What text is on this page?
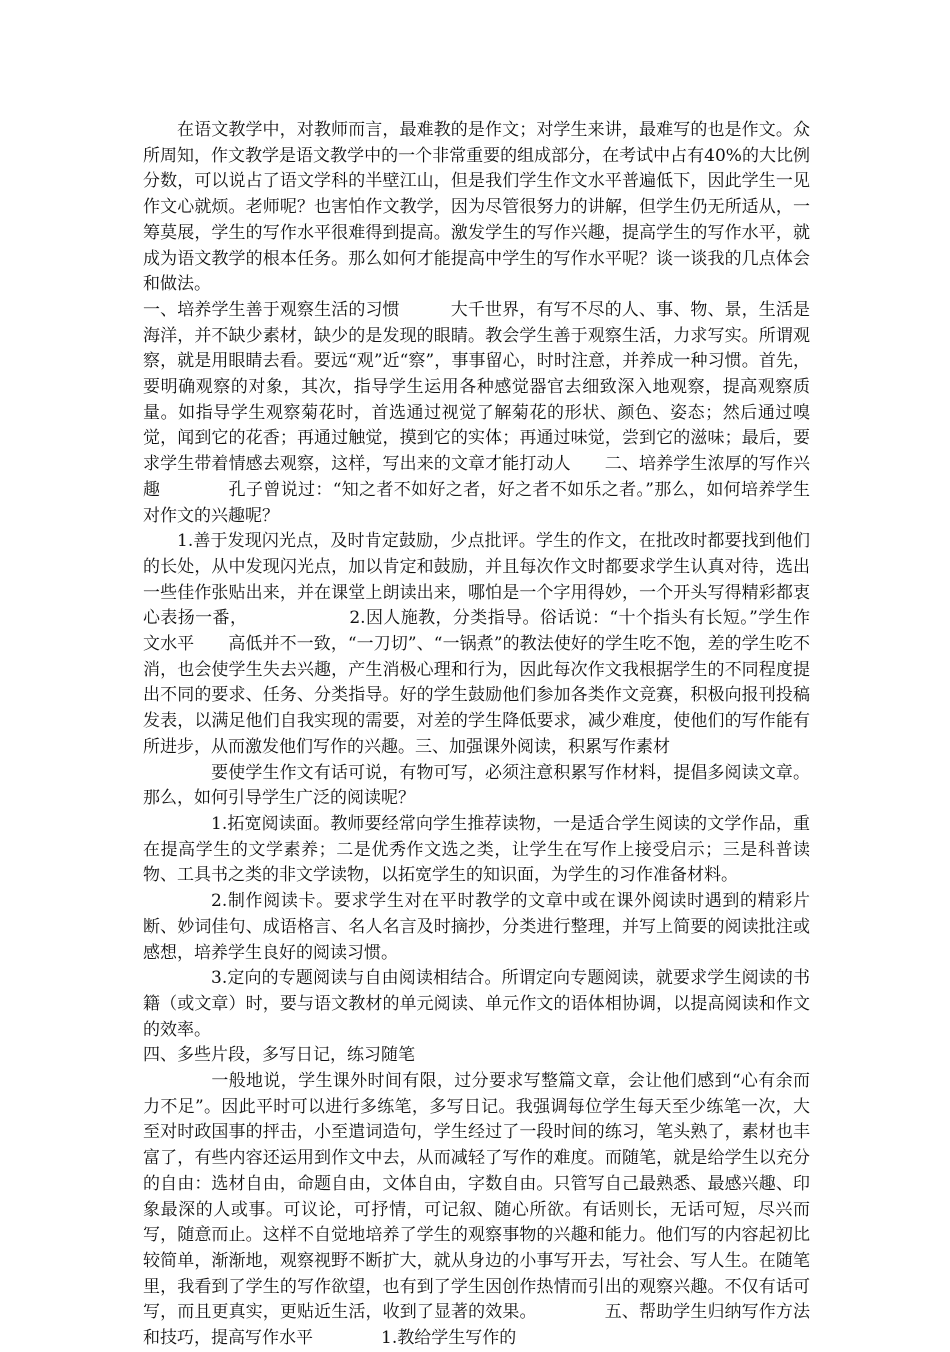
在语文教学中，对教师而言，最难教的是作文；对学生来讲，最难写的也是作文。众所周知，作文教学是语文教学中的一个非常重要的组成部分，在考试中占有40%的大比例分数，可以说占了语文学科的半壁江山，但是我们学生作文水平普遍低下，因此学生一见作文心就烦。老师呢？也害怕作文教学，因为尽管很努力的讲解，但学生仍无所适从，一筹莫展，学生的写作水平很难得到提高。激发学生的写作兴趣，提高学生的写作水平，就成为语文教学的根本任务。那么如何才能提高中学生的写作水平呢？谈一谈我的几点体会和做法。

一、培养学生善于观察生活的习惯	大千世界，有写不尽的人、事、物、景，生活是海洋，并不缺少素材，缺少的是发现的眼睛。教会学生善于观察生活，力求写实。所谓观察，就是用眼睛去看。要远“观”近“察”，事事留心，时时注意，并养成一种习惯。首先，要明确观察的对象，其次，指导学生运用各种感觉器官去细致深入地观察，提高观察质量。如指导学生观察菊花时，首选通过视觉了解菊花的形状、颜色、姿态；然后通过嗅觉，闻到它的花香；再通过触觉，摸到它的实体；再通过味觉，尝到它的滋味；最后，要求学生带着情感去观察，这样，写出来的文章才能打动人 二、培养学生浓厚的写作兴趣	孔子曾说过：“知之者不如好之者，好之者不如乐之者。”那么，如何培养学生对作文的兴趣呢？

1.善于发现闪光点，及时肯定鼓励，少点批评。学生的作文，在批改时都要找到他们的长处，从中发现闪光点，加以肯定和鼓励，并且每次作文时都要求学生认真对待，选出一些佳作张贴出来，并在课堂上朗读出来，哪怕是一个字用得妙，一个开头写得精彩都衷心表扬一番，	2.因人施教，分类指导。俗话说：“十个指头有长短。”学生作文水平 高低并不一致，“一刀切”、“一锅煮”的教法使好的学生吃不饱，差的学生吃不消，也会使学生失去兴趣，产生消极心理和行为，因此每次作文我根据学生的不同程度提出不同的要求、任务、分类指导。好的学生鼓励他们参加各类作文竞赛，积极向报刊投稿发表，以满足他们自我实现的需要，对差的学生降低要求，减少难度，使他们的写作能有所进步，从而激发他们写作的兴趣。三、加强课外阅读，积累写作素材

要使学生作文有话可说，有物可写，必须注意积累写作材料，提倡多阅读文章。那么，如何引导学生广泛的阅读呢？

1.拓宽阅读面。教师要经常向学生推荐读物，一是适合学生阅读的文学作品，重在提高学生的文学素养；二是优秀作文选之类，让学生在写作上接受启示；三是科普读物、工具书之类的非文学读物，以拓宽学生的知识面，为学生的习作准备材料。

2.制作阅读卡。要求学生对在平时教学的文章中或在课外阅读时遇到的精彩片断、妙词佳句、成语格言、名人名言及时摘抄，分类进行整理，并写上简要的阅读批注或感想，培养学生良好的阅读习惯。

3.定向的专题阅读与自由阅读相结合。所谓定向专题阅读，就要求学生阅读的书籍（或文章）时，要与语文教材的单元阅读、单元作文的语体相协调，以提高阅读和作文的效率。

四、多些片段，多写日记，练习随笔

一般地说，学生课外时间有限，过分要求写整篇文章，会让他们感到“心有余而力不足”。因此平时可以进行多练笔，多写日记。我强调每位学生每天至少练笔一次，大至对时政国事的抨击，小至遣词造句，学生经过了一段时间的练习，笔头熟了，素材也丰富了，有些内容还运用到作文中去，从而减轻了写作的难度。而随笔，就是给学生以充分的自由：选材自由，命题自由，文体自由，字数自由。只管写自己最熟悉、最感兴趣、印象最深的人或事。可议论，可抒情，可记叙、随心所欲。有话则长，无话可短，尽兴而写，随意而止。这样不自觉地培养了学生的观察事物的兴趣和能力。他们写的内容起初比较简单，渐渐地，观察视野不断扩大，就从身边的小事写开去，写社会、写人生。在随笔里，我看到了学生的写作欲望，也有到了学生因创作热情而引出的观察兴趣。不仅有话可写，而且更真实，更贴近生活，收到了显著的效果。	五、帮助学生归纳写作方法和技巧，提高写作水平	1.教给学生写作的
